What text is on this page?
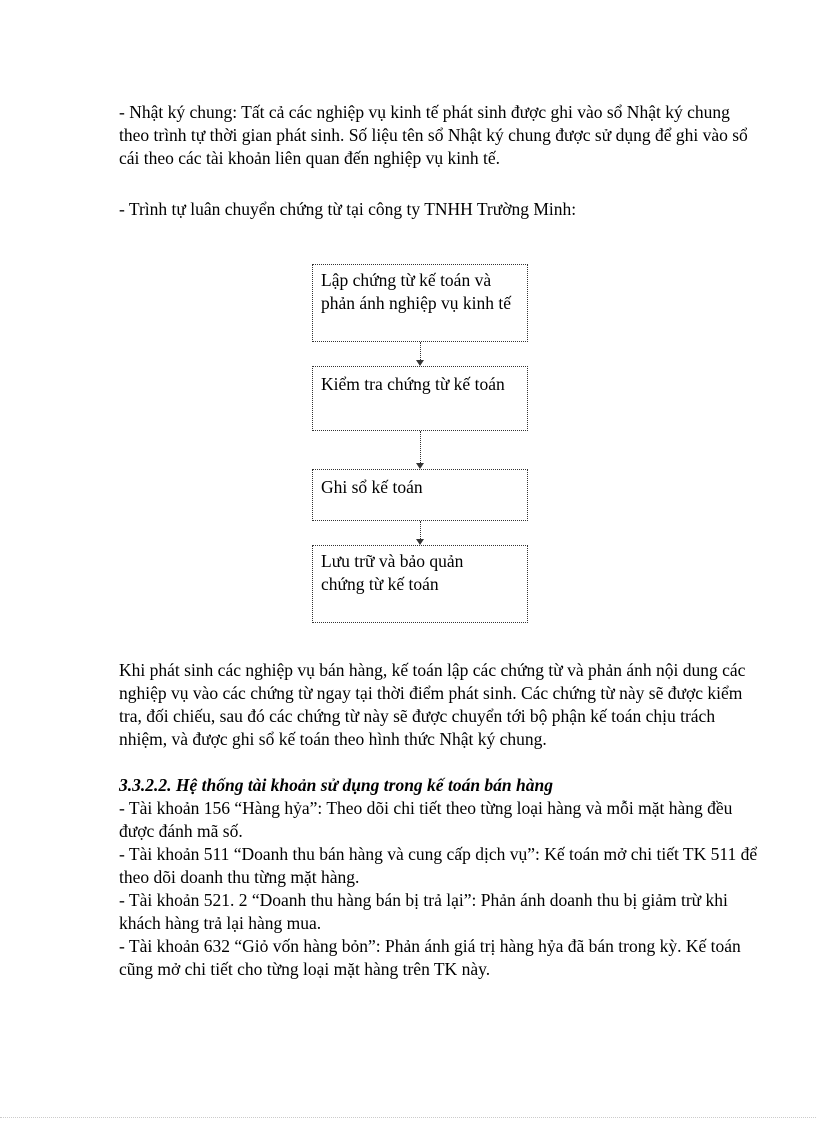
- Nhật ký chung: Tất cả các nghiệp vụ kinh tế phát sinh được ghi vào sổ Nhật ký chung theo trình tự thời gian phát sinh. Số liệu tên sổ Nhật ký chung được sử dụng để ghi vào sổ cái theo các tài khoản liên quan đến nghiệp vụ kinh tế.

- Trình tự luân chuyển chứng từ tại công ty TNHH Trường Minh:

Lập chứng từ kế toán và phản ánh nghiệp vụ kinh tế
Kiểm tra chứng từ kế toán
Ghi sổ kế toán
Lưu trữ và bảo quản chứng từ kế toán

Khi phát sinh các nghiệp vụ bán hàng, kế toán lập các chứng từ và phản ánh nội dung các nghiệp vụ vào các chứng từ ngay tại thời điểm phát sinh. Các chứng từ này sẽ được kiểm tra, đối chiếu, sau đó các chứng từ này sẽ được chuyển tới bộ phận kế toán chịu trách nhiệm, và được ghi sổ kế toán theo hình thức Nhật ký chung.

3.3.2.2. Hệ thống tài khoản sử dụng trong kế toán bán hàng

- Tài khoản 156 “Hàng hỷa”: Theo dõi chi tiết theo từng loại hàng và mỗi mặt hàng đều được đánh mã số.

- Tài khoản 511 “Doanh thu bán hàng và cung cấp dịch vụ”: Kế toán mở chi tiết TK 511 để theo dõi doanh thu từng mặt hàng.

- Tài khoản 521. 2 “Doanh thu hàng bán bị trả lại”: Phản ánh doanh thu bị giảm trừ khi khách hàng trả lại hàng mua.

- Tài khoản 632 “Giỏ vốn hàng bỏn”: Phản ánh giá trị hàng hỷa đã bán trong kỳ. Kế toán cũng mở chi tiết cho từng loại mặt hàng trên TK này.
